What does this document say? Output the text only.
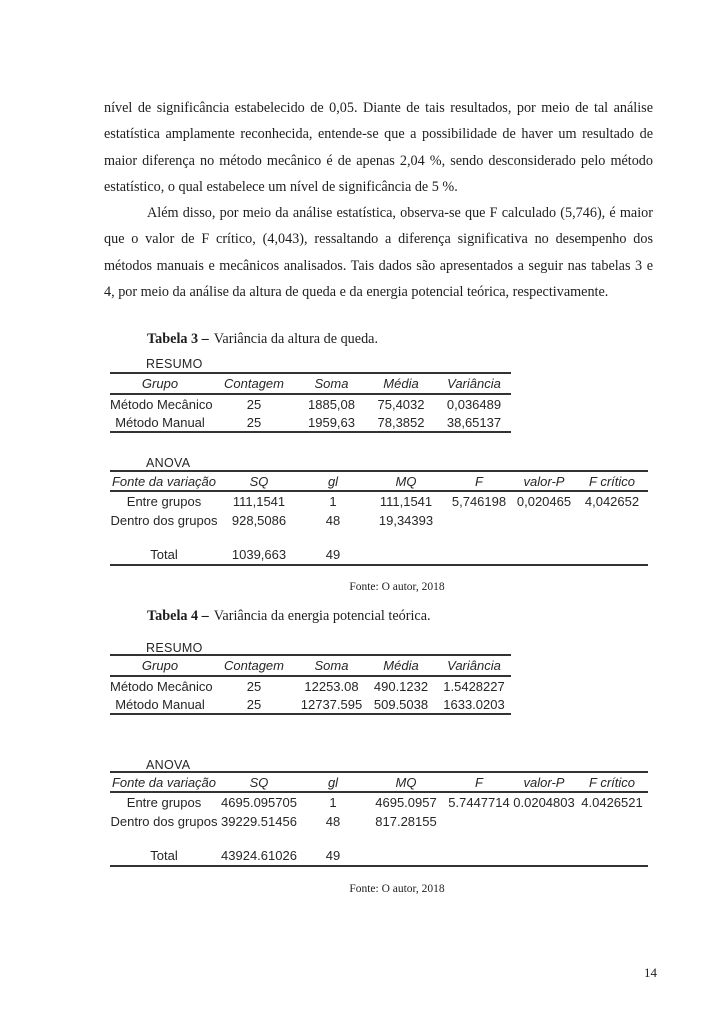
nível de significância estabelecido de 0,05. Diante de tais resultados, por meio de tal análise estatística amplamente reconhecida, entende-se que a possibilidade de haver um resultado de maior diferença no método mecânico é de apenas 2,04 %, sendo desconsiderado pelo método estatístico, o qual estabelece um nível de significância de 5 %.

Além disso, por meio da análise estatística, observa-se que F calculado (5,746), é maior que o valor de F crítico, (4,043), ressaltando a diferença significativa no desempenho dos métodos manuais e mecânicos analisados. Tais dados são apresentados a seguir nas tabelas 3 e 4, por meio da análise da altura de queda e da energia potencial teórica, respectivamente.

Tabela 3 – Variância da altura de queda.
RESUMO
Grupo	Contagem	Soma	Média	Variância
Método Mecânico	25	1885,08	75,4032	0,036489
Método Manual	25	1959,63	78,3852	38,65137
ANOVA
Fonte da variação	SQ	gl	MQ	F	valor-P	F crítico
Entre grupos	111,1541	1	111,1541	5,746198	0,020465	4,042652
Dentro dos grupos	928,5086	48	19,34393			

Total	1039,663	49				
Fonte: O autor, 2018
Tabela 4 – Variância da energia potencial teórica.
RESUMO
Grupo	Contagem	Soma	Média	Variância
Método Mecânico	25	12253.08	490.1232	1.5428227
Método Manual	25	12737.595	509.5038	1633.0203
ANOVA
Fonte da variação	SQ	gl	MQ	F	valor-P	F crítico
Entre grupos	4695.095705	1	4695.0957	5.7447714	0.0204803	4.0426521
Dentro dos grupos	39229.51456	48	817.28155			

Total	43924.61026	49				
Fonte: O autor, 2018
14
